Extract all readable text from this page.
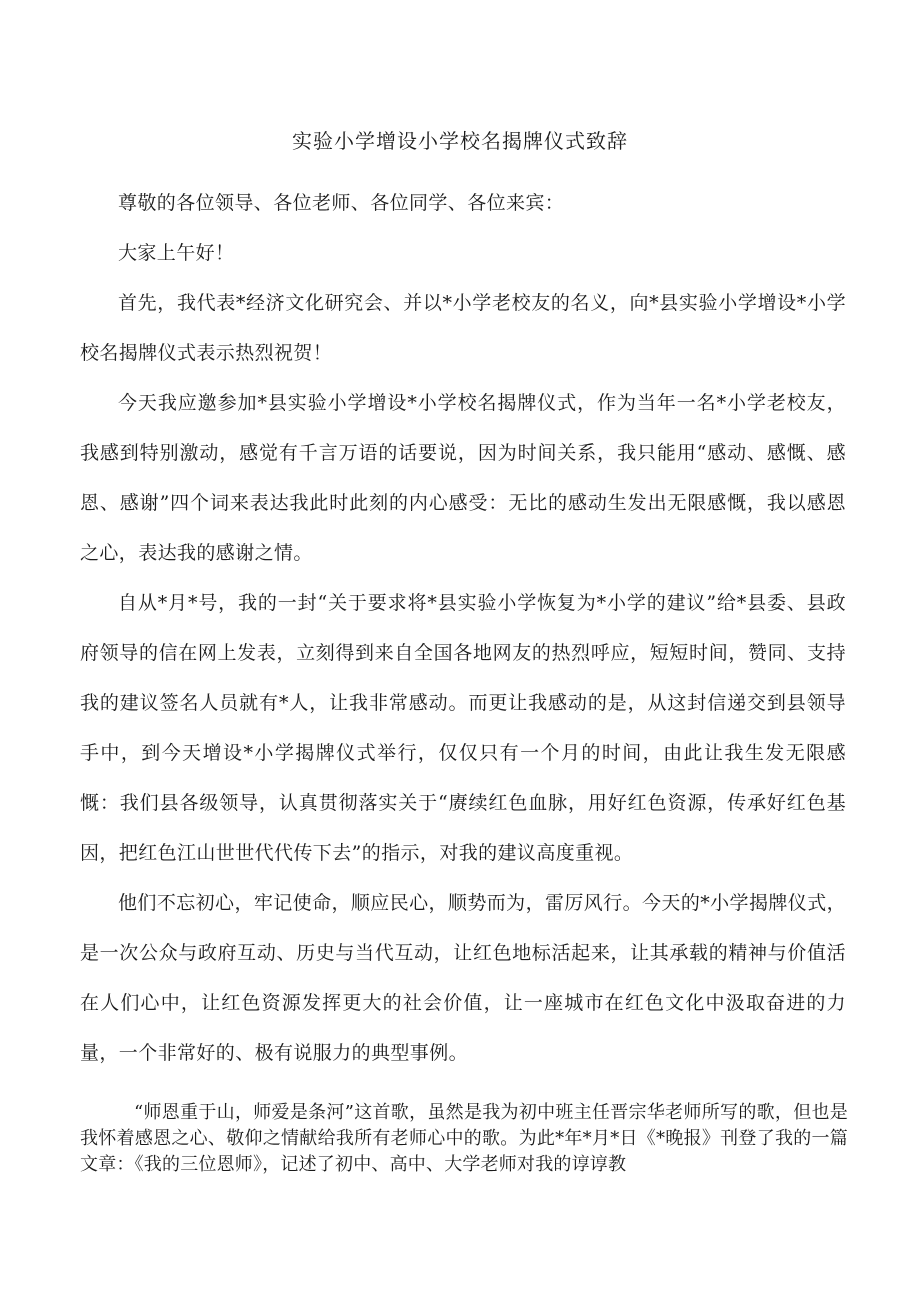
实验小学增设小学校名揭牌仪式致辞

尊敬的各位领导、各位老师、各位同学、各位来宾：

大家上午好！

首先，我代表*经济文化研究会、并以*小学老校友的名义，向*县实验小学增设*小学校名揭牌仪式表示热烈祝贺！

今天我应邀参加*县实验小学增设*小学校名揭牌仪式，作为当年一名*小学老校友，我感到特别激动，感觉有千言万语的话要说，因为时间关系，我只能用“感动、感慨、感恩、感谢”四个词来表达我此时此刻的内心感受：无比的感动生发出无限感慨，我以感恩之心，表达我的感谢之情。

自从*月*号，我的一封“关于要求将*县实验小学恢复为*小学的建议”给*县委、县政府领导的信在网上发表，立刻得到来自全国各地网友的热烈呼应，短短时间，赞同、支持我的建议签名人员就有*人，让我非常感动。而更让我感动的是，从这封信递交到县领导手中，到今天增设*小学揭牌仪式举行，仅仅只有一个月的时间，由此让我生发无限感慨：我们县各级领导，认真贯彻落实关于“赓续红色血脉，用好红色资源，传承好红色基因，把红色江山世世代代传下去”的指示，对我的建议高度重视。

他们不忘初心，牢记使命，顺应民心，顺势而为，雷厉风行。今天的*小学揭牌仪式，是一次公众与政府互动、历史与当代互动，让红色地标活起来，让其承载的精神与价值活在人们心中，让红色资源发挥更大的社会价值，让一座城市在红色文化中汲取奋进的力量，一个非常好的、极有说服力的典型事例。

“师恩重于山，师爱是条河”这首歌，虽然是我为初中班主任晋宗华老师所写的歌，但也是我怀着感恩之心、敬仰之情献给我所有老师心中的歌。为此*年*月*日《*晚报》刊登了我的一篇文章：《我的三位恩师》，记述了初中、高中、大学老师对我的谆谆教
